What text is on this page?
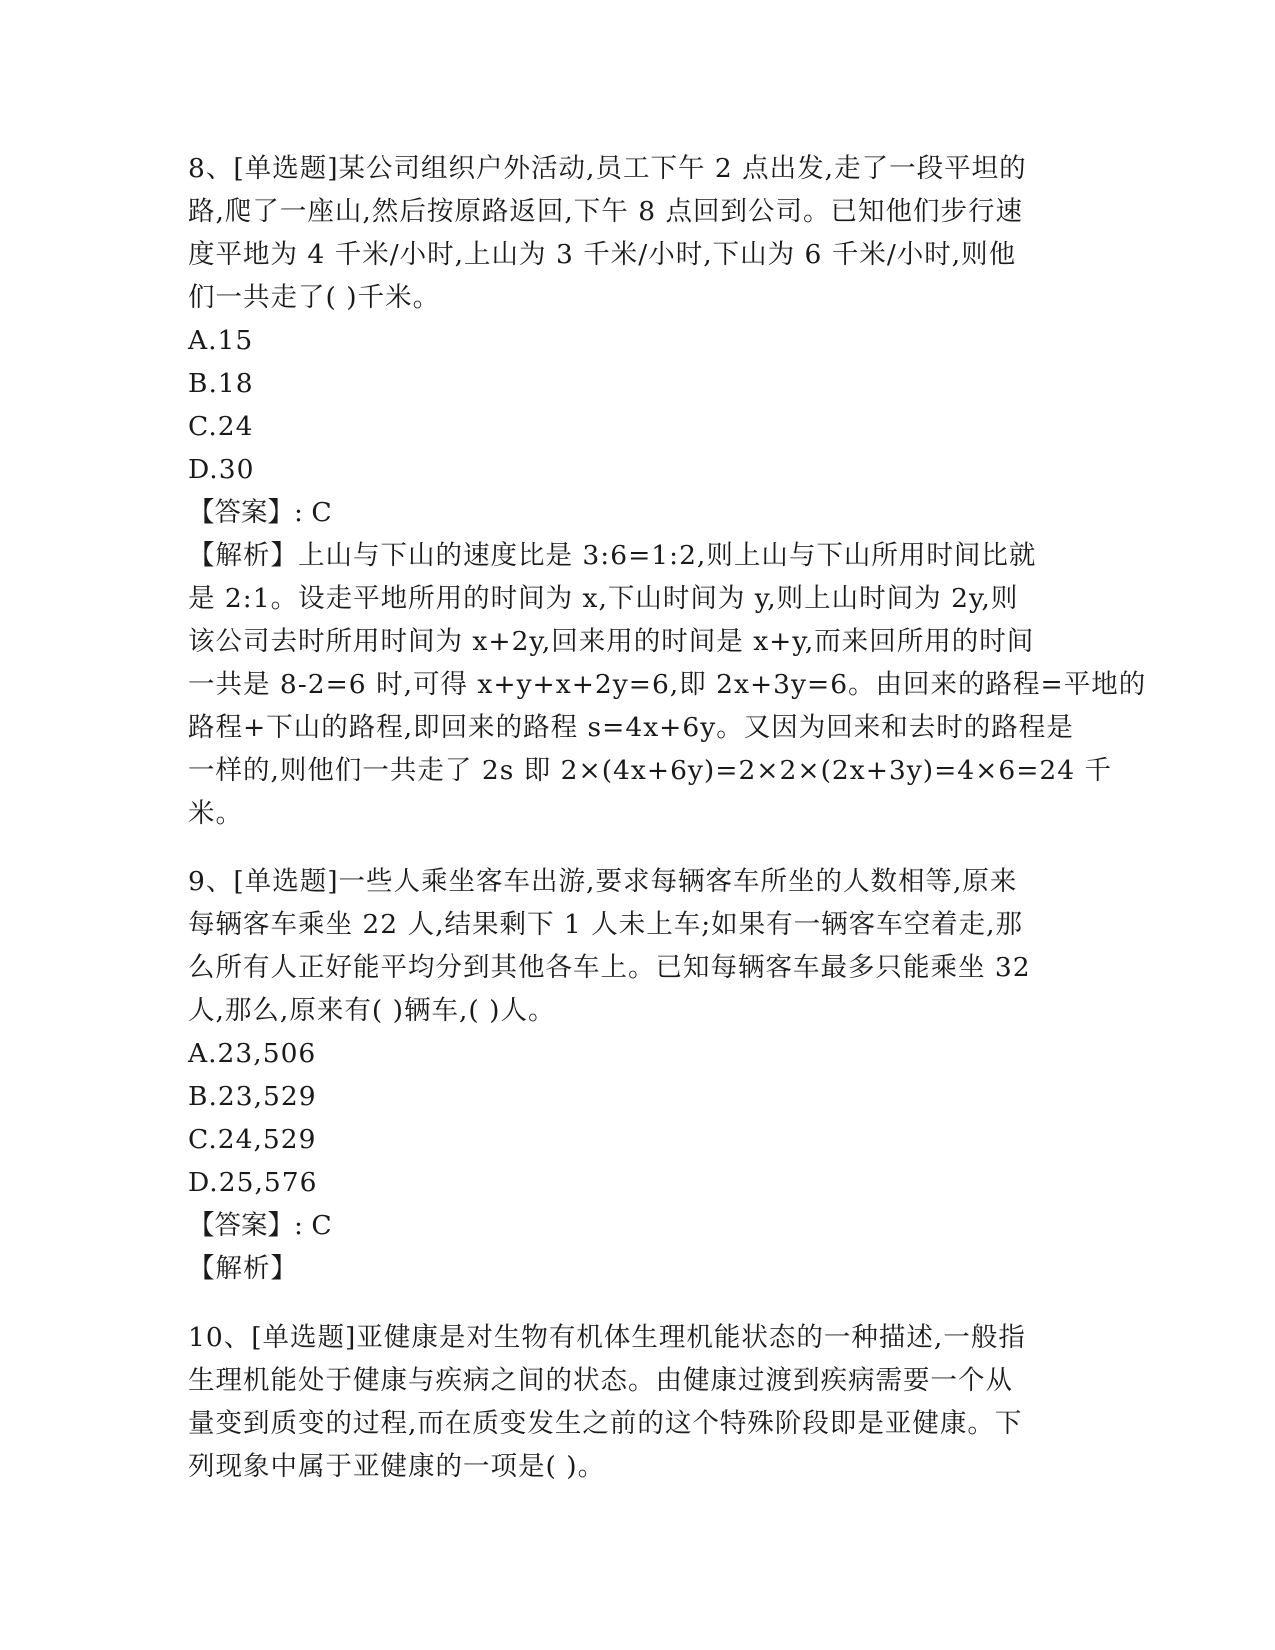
8、[单选题]某公司组织户外活动,员工下午 2 点出发,走了一段平坦的
路,爬了一座山,然后按原路返回,下午 8 点回到公司。已知他们步行速
度平地为 4 千米/小时,上山为 3 千米/小时,下山为 6 千米/小时,则他
们一共走了( )千米。
A.15
B.18
C.24
D.30
【答案】: C
【解析】上山与下山的速度比是 3:6=1:2,则上山与下山所用时间比就
是 2:1。设走平地所用的时间为 x,下山时间为 y,则上山时间为 2y,则
该公司去时所用时间为 x+2y,回来用的时间是 x+y,而来回所用的时间
一共是 8-2=6 时,可得 x+y+x+2y=6,即 2x+3y=6。由回来的路程=平地的
路程+下山的路程,即回来的路程 s=4x+6y。又因为回来和去时的路程是
一样的,则他们一共走了 2s 即 2×(4x+6y)=2×2×(2x+3y)=4×6=24 千
米。
9、[单选题]一些人乘坐客车出游,要求每辆客车所坐的人数相等,原来
每辆客车乘坐 22 人,结果剩下 1 人未上车;如果有一辆客车空着走,那
么所有人正好能平均分到其他各车上。已知每辆客车最多只能乘坐 32
人,那么,原来有( )辆车,( )人。
A.23,506
B.23,529
C.24,529
D.25,576
【答案】: C
【解析】
10、[单选题]亚健康是对生物有机体生理机能状态的一种描述,一般指
生理机能处于健康与疾病之间的状态。由健康过渡到疾病需要一个从
量变到质变的过程,而在质变发生之前的这个特殊阶段即是亚健康。下
列现象中属于亚健康的一项是( )。
